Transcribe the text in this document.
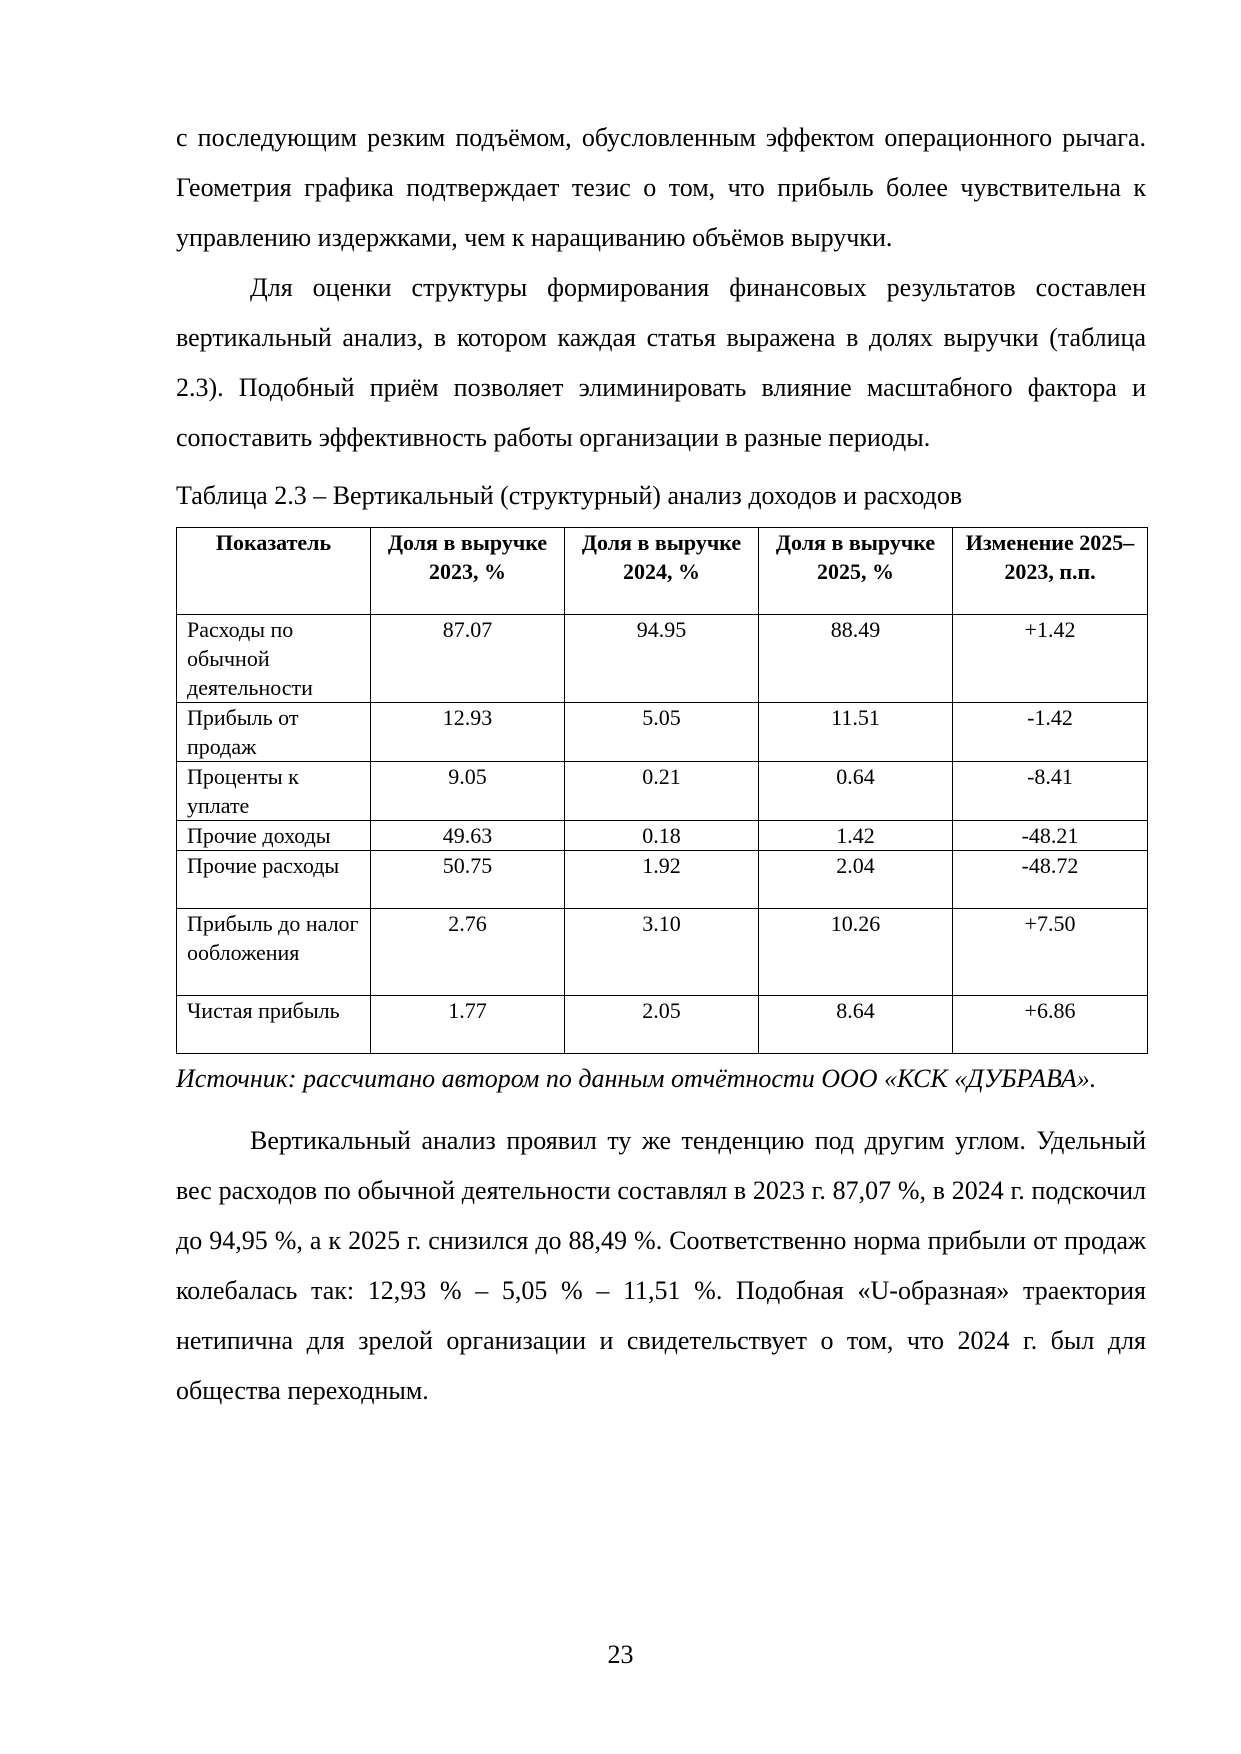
с последующим резким подъёмом, обусловленным эффектом операционного рычага. Геометрия графика подтверждает тезис о том, что прибыль более чувствительна к управлению издержками, чем к наращиванию объёмов выручки.

Для оценки структуры формирования финансовых результатов составлен вертикальный анализ, в котором каждая статья выражена в долях выручки (таблица 2.3). Подобный приём позволяет элиминировать влияние масштабного фактора и сопоставить эффективность работы организации в разные периоды.

Таблица 2.3 – Вертикальный (структурный) анализ доходов и расходов

Показатель	Доля в выручке 2023, %	Доля в выручке 2024, %	Доля в выручке 2025, %	Изменение 2025–2023, п.п.
Расходы по обычной деятельности	87.07	94.95	88.49	+1.42
Прибыль от продаж	12.93	5.05	11.51	-1.42
Проценты к уплате	9.05	0.21	0.64	-8.41
Прочие доходы	49.63	0.18	1.42	-48.21
Прочие расходы	50.75	1.92	2.04	-48.72
Прибыль до налогообложения	2.76	3.10	10.26	+7.50
Чистая прибыль	1.77	2.05	8.64	+6.86

Источник: рассчитано автором по данным отчётности ООО «КСК «ДУБРАВА».

Вертикальный анализ проявил ту же тенденцию под другим углом. Удельный вес расходов по обычной деятельности составлял в 2023 г. 87,07 %, в 2024 г. подскочил до 94,95 %, а к 2025 г. снизился до 88,49 %. Соответственно норма прибыли от продаж колебалась так: 12,93 % – 5,05 % – 11,51 %. Подобная «U-образная» траектория нетипична для зрелой организации и свидетельствует о том, что 2024 г. был для общества переходным.

23
